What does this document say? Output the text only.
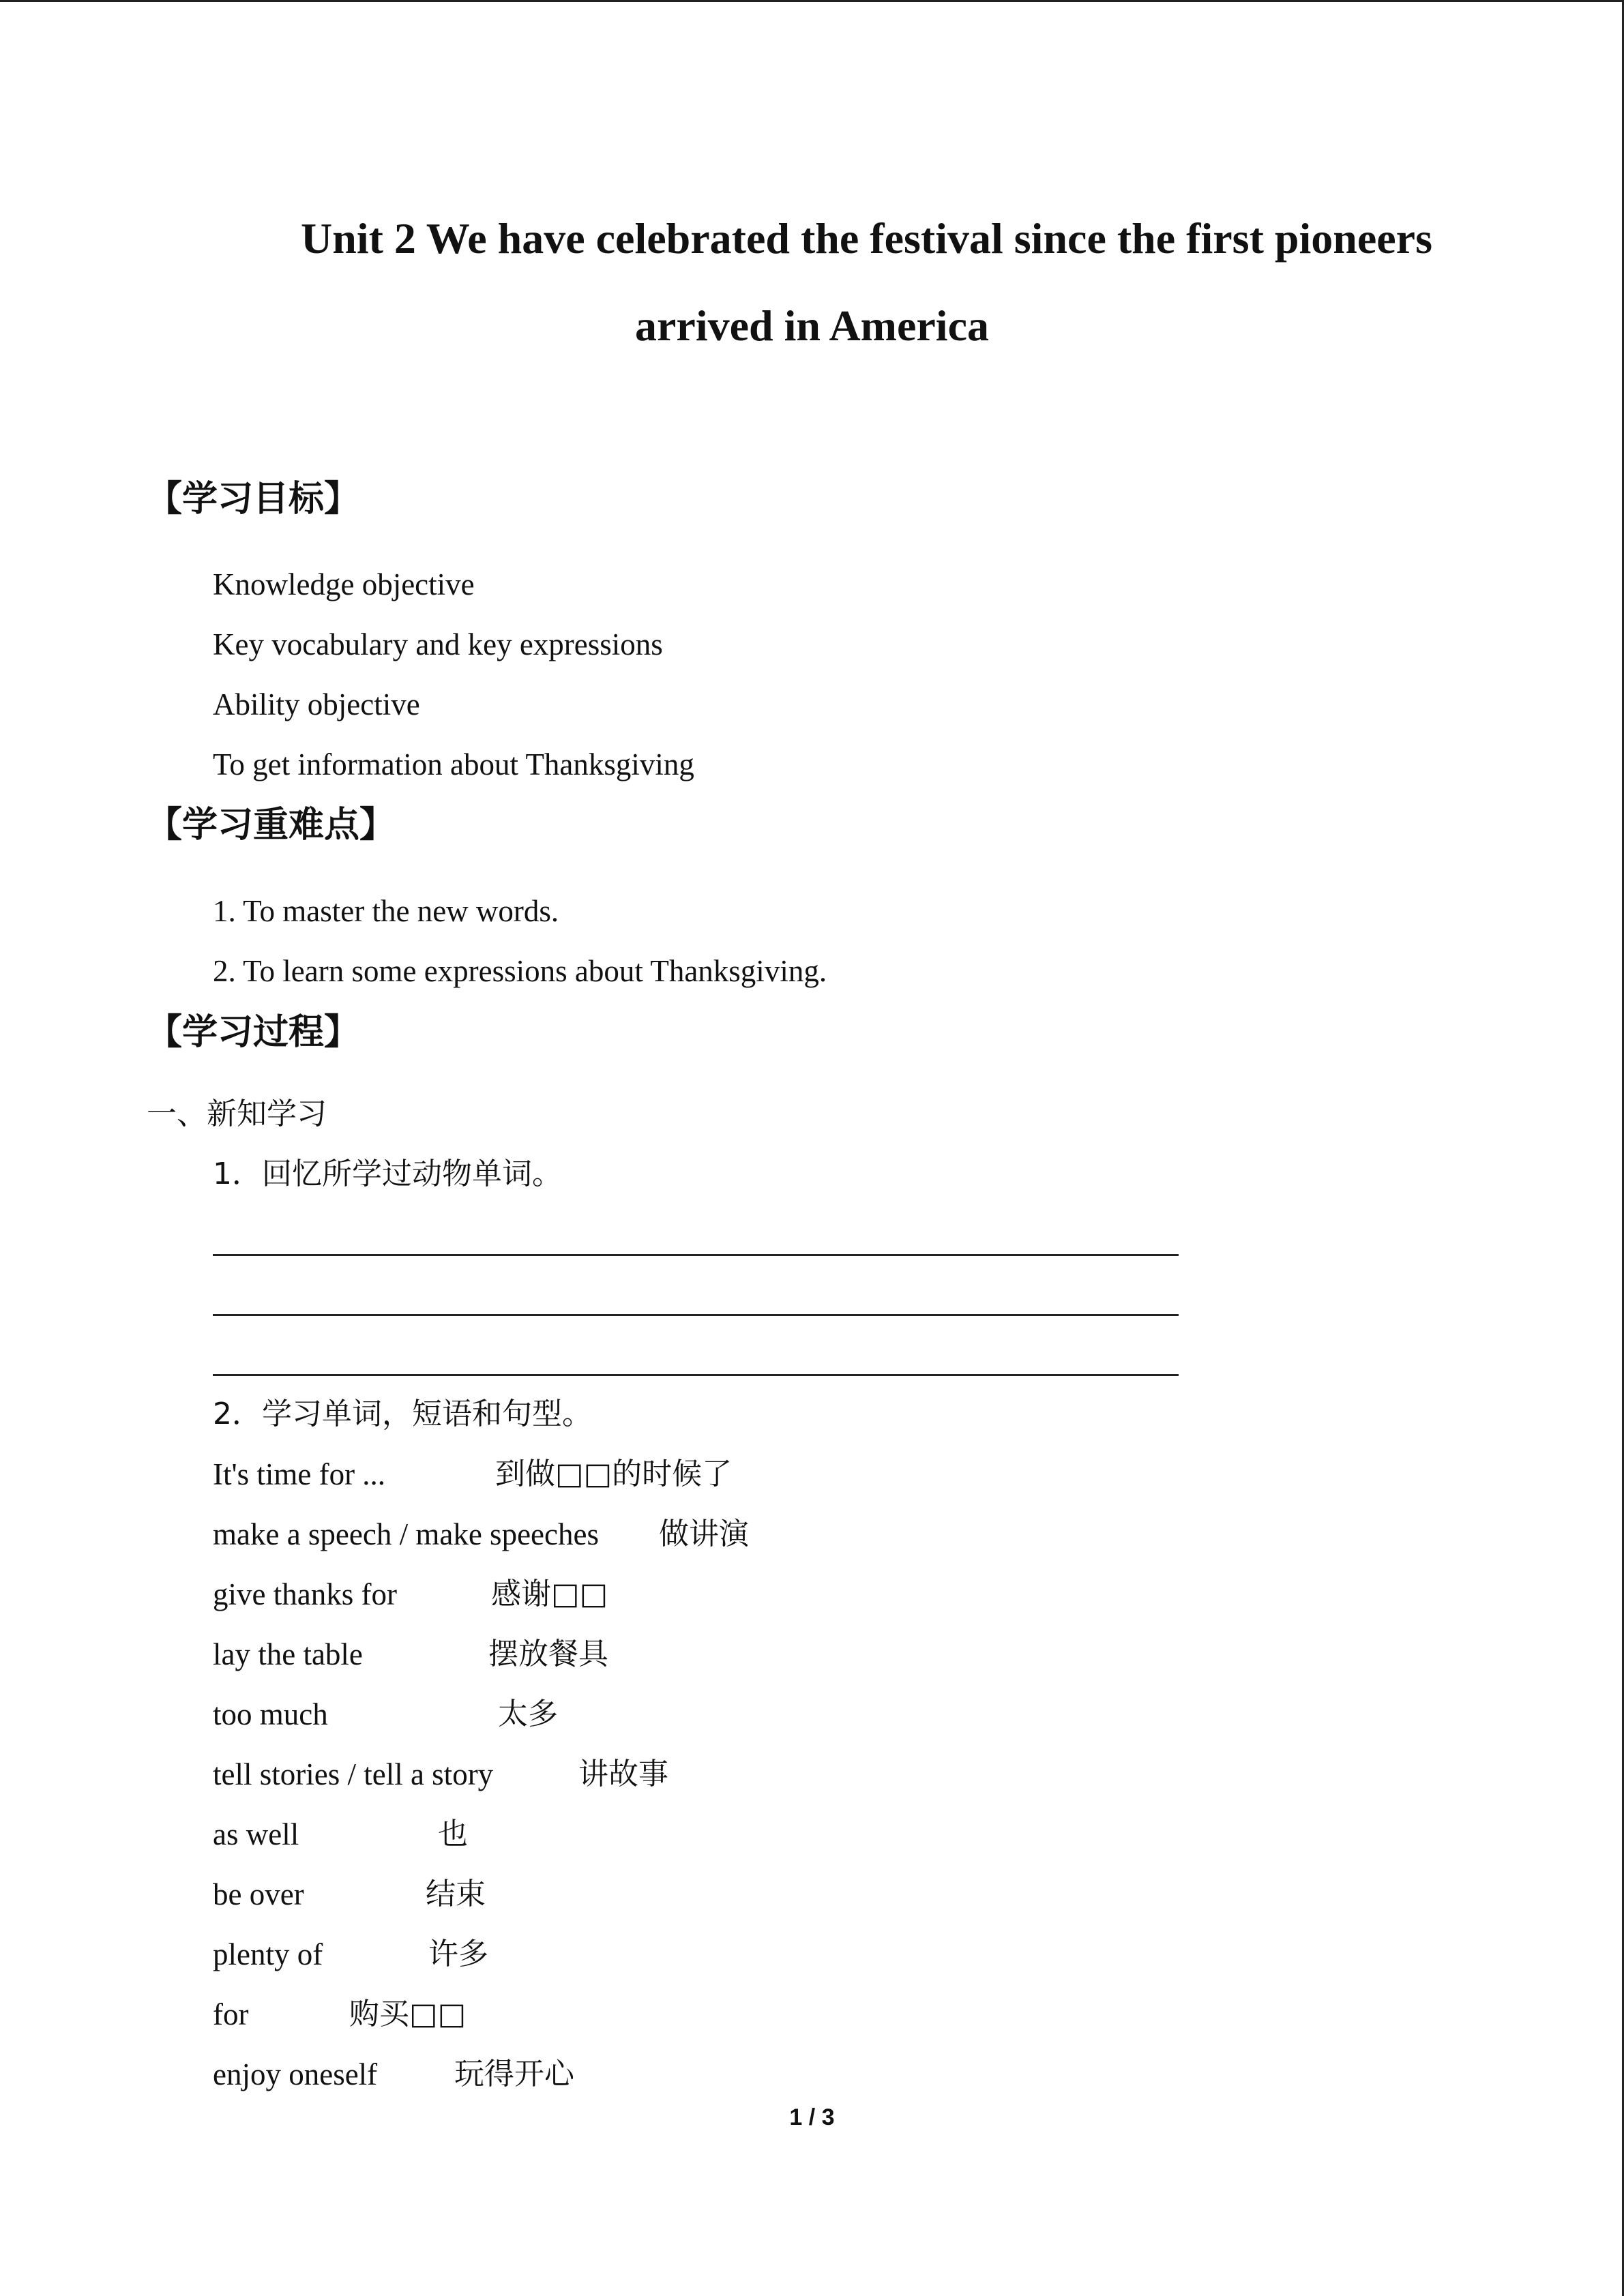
Unit 2 We have celebrated the festival since the first pioneers
arrived in America
【学习目标】
Knowledge objective
Key vocabulary and key expressions
Ability objective
To get information about Thanksgiving
【学习重难点】
1. To master the new words.
2. To learn some expressions about Thanksgiving.
【学习过程】
一、新知学习
1．回忆所学过动物单词。
2．学习单词，短语和句型。
It's time for ...	到做□□的时候了
make a speech / make speeches 做讲演
give thanks for	感谢□□
lay the table	摆放餐具
too much	太多
tell stories / tell a story	讲故事
as well	也
be over	结束
plenty of	许多
for	购买□□
enjoy oneself	玩得开心
1 / 3
